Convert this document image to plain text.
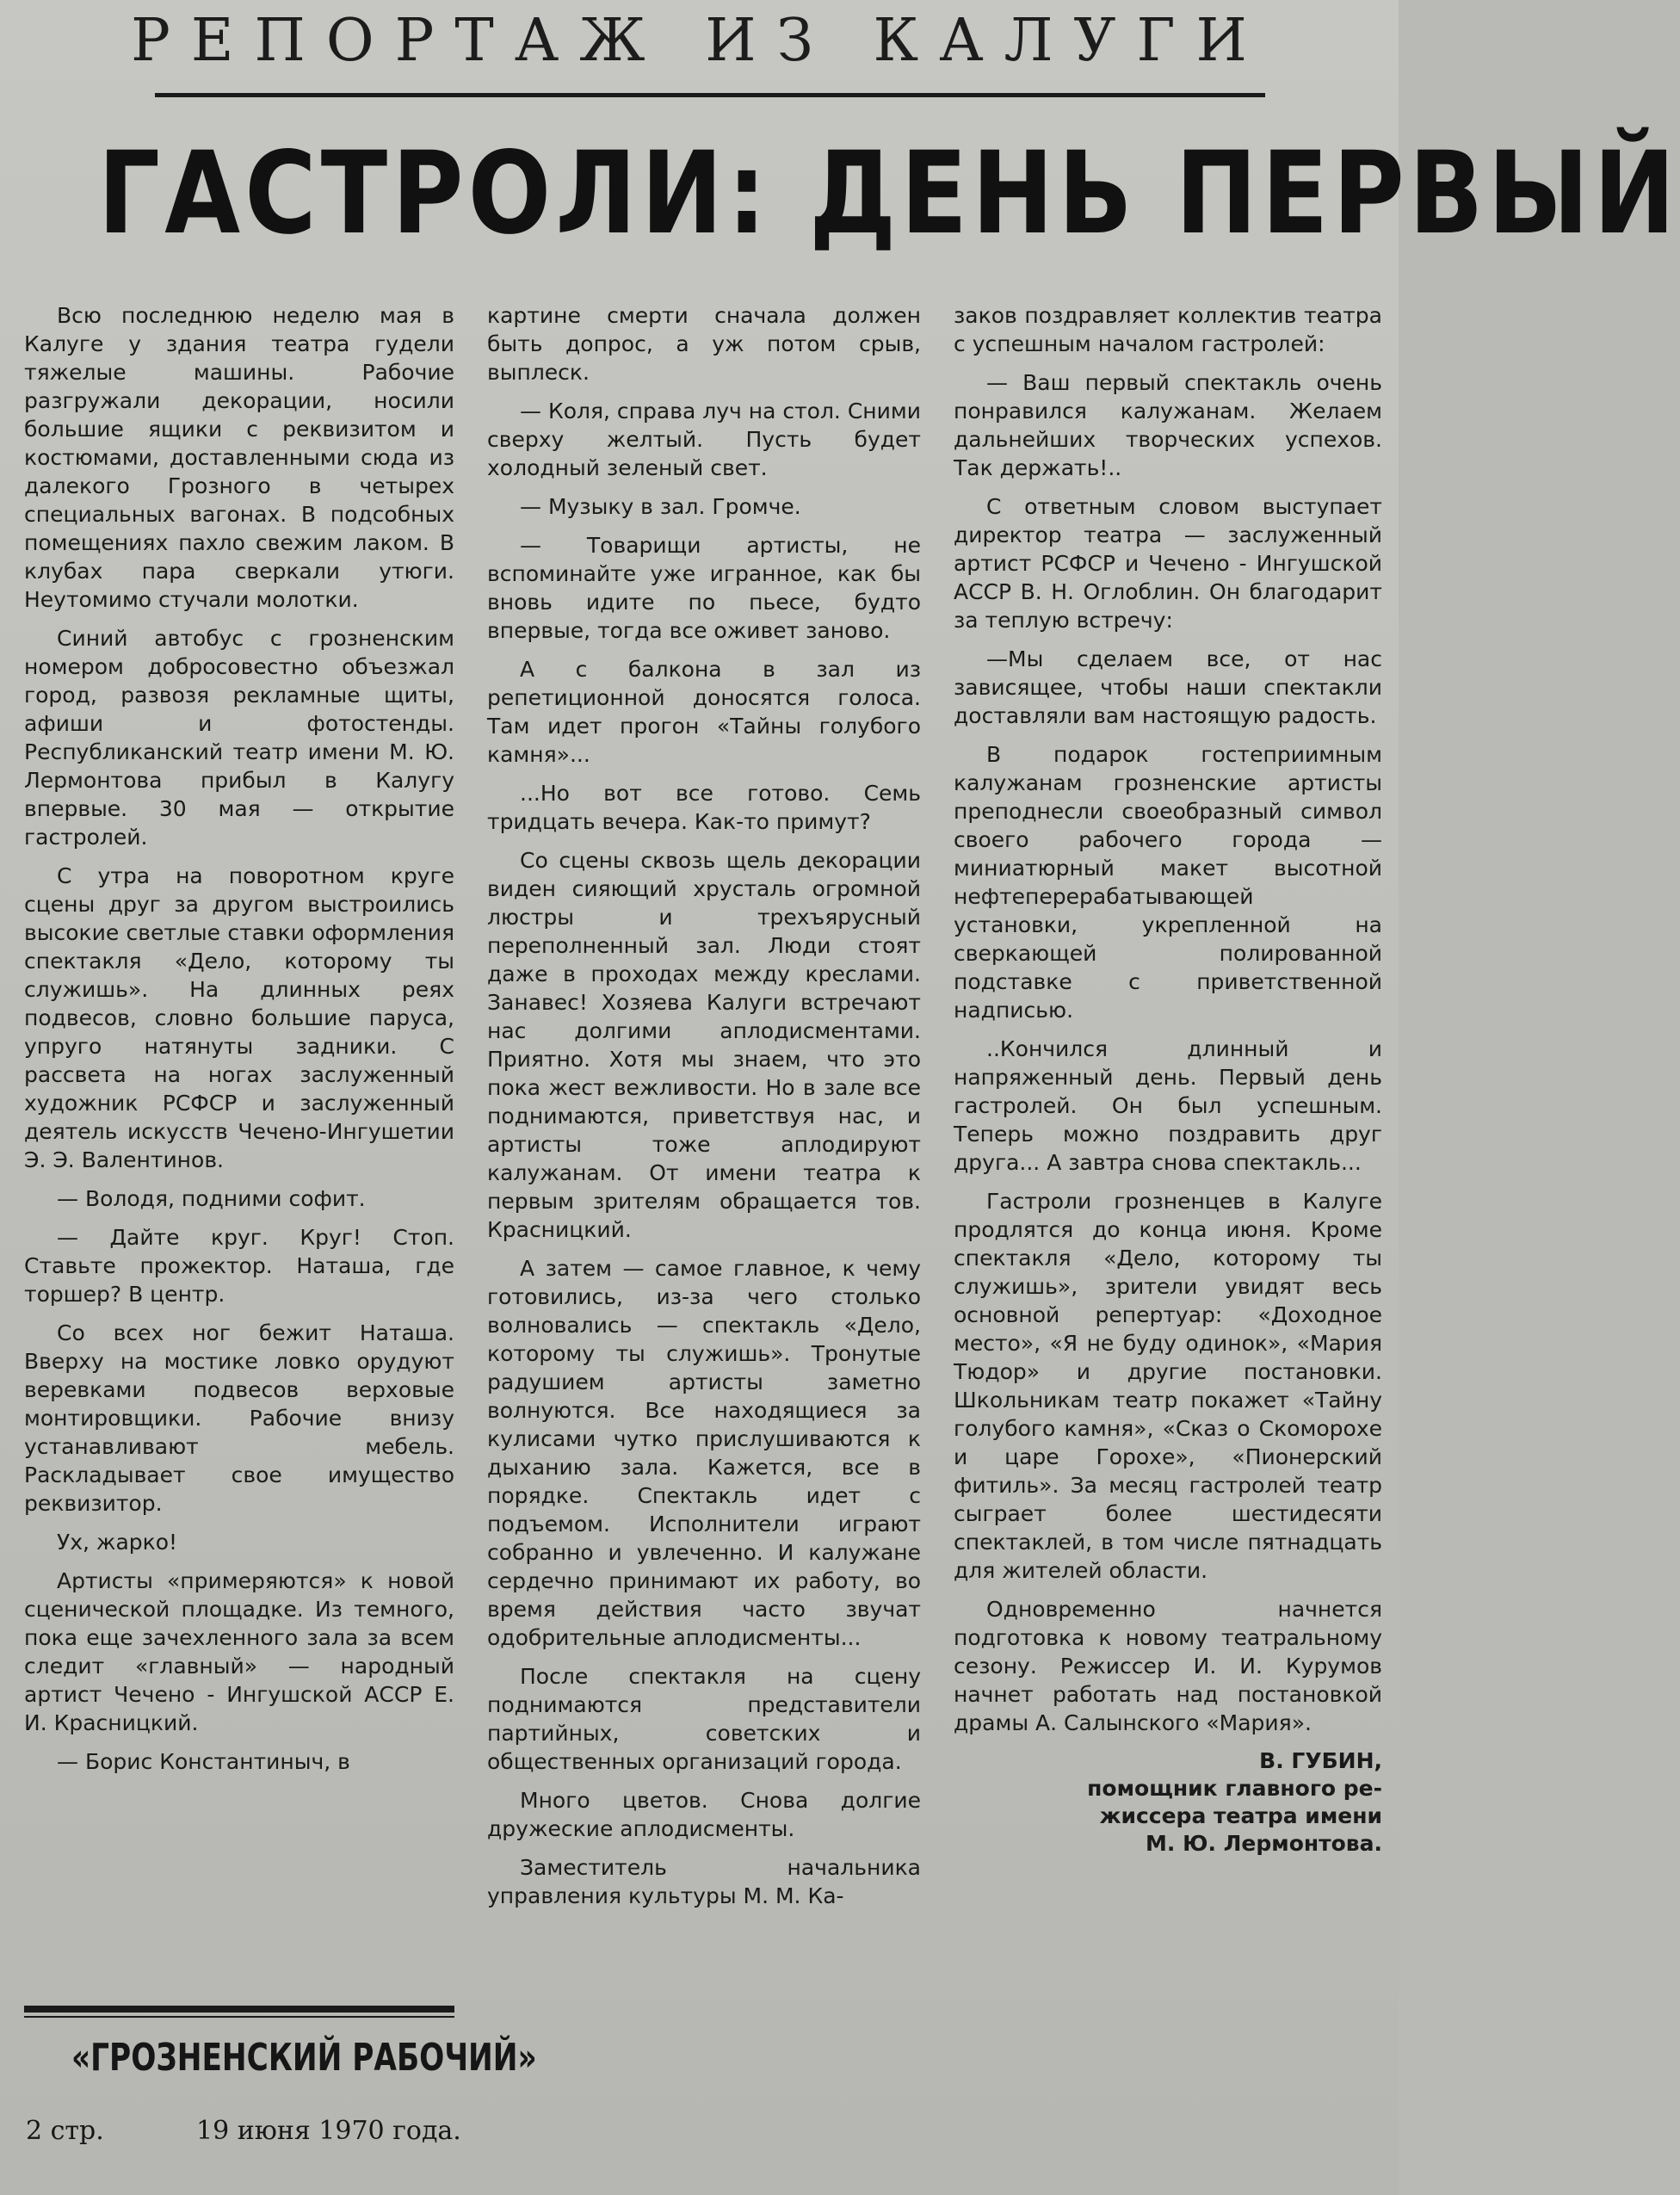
РЕПОРТАЖ ИЗ КАЛУГИ
ГАСТРОЛИ: ДЕНЬ ПЕРВЫЙ

Всю последнюю неделю мая в Калуге у здания театра гудели тяжелые машины. Рабочие разгружали декорации, носили большие ящики с реквизитом и костюмами, доставленными сюда из далекого Грозного в четырех специальных вагонах. В подсобных помещениях пахло свежим лаком. В клубах пара сверкали утюги. Неутомимо стучали молотки.

Синий автобус с грозненским номером добросовестно объезжал город, развозя рекламные щиты, афиши и фотостенды. Республиканский театр имени М. Ю. Лермонтова прибыл в Калугу впервые. 30 мая — открытие гастролей.

С утра на поворотном круге сцены друг за другом выстроились высокие светлые ставки оформления спектакля «Дело, которому ты служишь». На длинных реях подвесов, словно большие паруса, упруго натянуты задники. С рассвета на ногах заслуженный художник РСФСР и заслуженный деятель искусств Чечено-Ингушетии Э. Э. Валентинов.

— Володя, подними софит.

— Дайте круг. Круг! Стоп. Ставьте прожектор. Наташа, где торшер? В центр.

Со всех ног бежит Наташа. Вверху на мостике ловко орудуют веревками подвесов верховые монтировщики. Рабочие внизу устанавливают мебель. Раскладывает свое имущество реквизитор.

Ух, жарко!

Артисты «примеряются» к новой сценической площадке. Из темного, пока еще зачехленного зала за всем следит «главный» — народный артист Чечено - Ингушской АССР Е. И. Красницкий.

— Борис Константиныч, в

картине смерти сначала должен быть допрос, а уж потом срыв, выплеск.

— Коля, справа луч на стол. Сними сверху желтый. Пусть будет холодный зеленый свет.

— Музыку в зал. Громче.

— Товарищи артисты, не вспоминайте уже игранное, как бы вновь идите по пьесе, будто впервые, тогда все оживет заново.

А с балкона в зал из репетиционной доносятся голоса. Там идет прогон «Тайны голубого камня»...

...Но вот все готово. Семь тридцать вечера. Как-то примут?

Со сцены сквозь щель декорации виден сияющий хрусталь огромной люстры и трехъярусный переполненный зал. Люди стоят даже в проходах между креслами. Занавес! Хозяева Калуги встречают нас долгими аплодисментами. Приятно. Хотя мы знаем, что это пока жест вежливости. Но в зале все поднимаются, приветствуя нас, и артисты тоже аплодируют калужанам. От имени театра к первым зрителям обращается тов. Красницкий.

А затем — самое главное, к чему готовились, из-за чего столько волновались — спектакль «Дело, которому ты служишь». Тронутые радушием артисты заметно волнуются. Все находящиеся за кулисами чутко прислушиваются к дыханию зала. Кажется, все в порядке. Спектакль идет с подъемом. Исполнители играют собранно и увлеченно. И калужане сердечно принимают их работу, во время действия часто звучат одобрительные аплодисменты...

После спектакля на сцену поднимаются представители партийных, советских и общественных организаций города.

Много цветов. Снова долгие дружеские аплодисменты.

Заместитель начальника управления культуры М. М. Ка-

заков поздравляет коллектив театра с успешным началом гастролей:

— Ваш первый спектакль очень понравился калужанам. Желаем дальнейших творческих успехов. Так держать!..

С ответным словом выступает директор театра — заслуженный артист РСФСР и Чечено - Ингушской АССР В. Н. Оглоблин. Он благодарит за теплую встречу:

—Мы сделаем все, от нас зависящее, чтобы наши спектакли доставляли вам настоящую радость.

В подарок гостеприимным калужанам грозненские артисты преподнесли своеобразный символ своего рабочего города — миниатюрный макет высотной нефтеперерабатывающей установки, укрепленной на сверкающей полированной подставке с приветственной надписью.

..Кончился длинный и напряженный день. Первый день гастролей. Он был успешным. Теперь можно поздравить друг друга... А завтра снова спектакль...

Гастроли грозненцев в Калуге продлятся до конца июня. Кроме спектакля «Дело, которому ты служишь», зрители увидят весь основной репертуар: «Доходное место», «Я не буду одинок», «Мария Тюдор» и другие постановки. Школьникам театр покажет «Тайну голубого камня», «Сказ о Скоморохе и царе Горохе», «Пионерский фитиль». За месяц гастролей театр сыграет более шестидесяти спектаклей, в том числе пятнадцать для жителей области.

Одновременно начнется подготовка к новому театральному сезону. Режиссер И. И. Курумов начнет работать над постановкой драмы А. Салынского «Мария».

В. ГУБИН,
помощник главного ре-
жиссера театра имени
М. Ю. Лермонтова.

«ГРОЗНЕНСКИЙ РАБОЧИЙ»
2 стр.	19 июня 1970 года.
